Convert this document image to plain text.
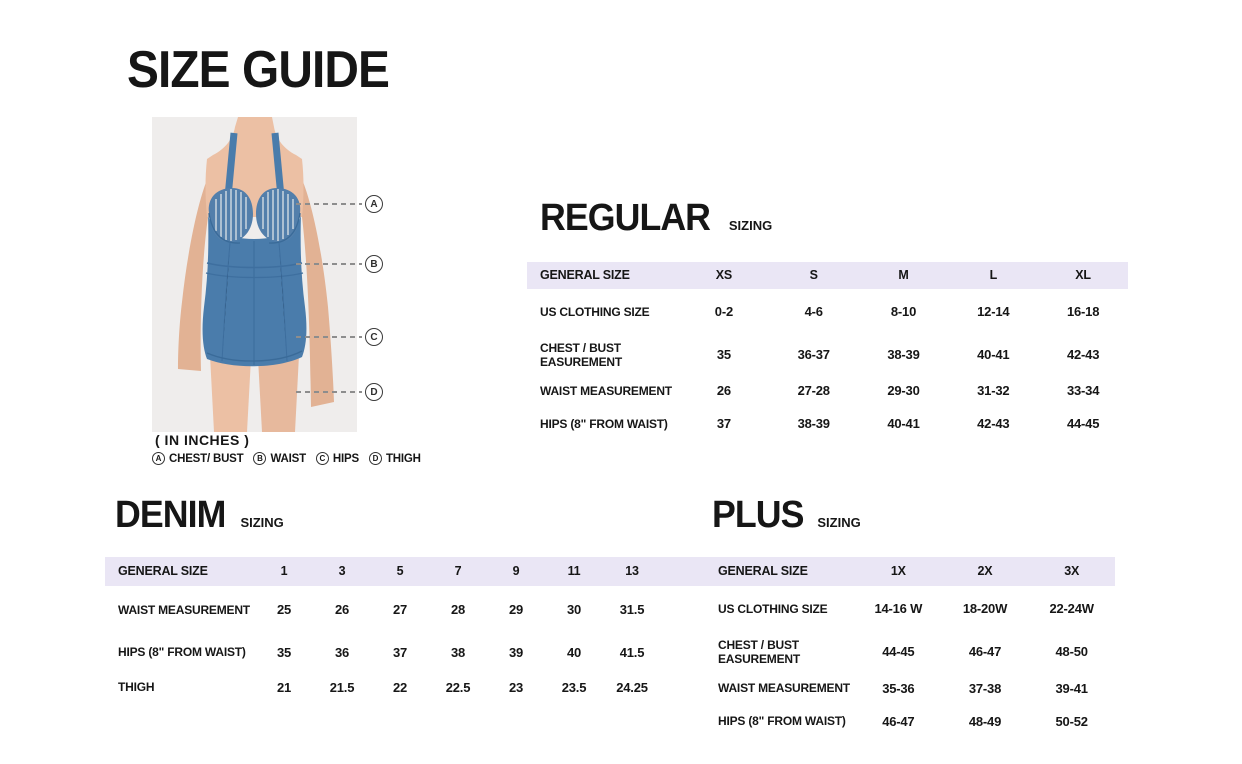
SIZE GUIDE
A
B
C
D
( IN INCHES )
A CHEST/ BUST	B WAIST	C HIPS	D THIGH
REGULAR SIZING
GENERAL SIZE	XS	S	M	L	XL
US CLOTHING SIZE	0-2	4-6	8-10	12-14	16-18
CHEST / BUST EASUREMENT	35	36-37	38-39	40-41	42-43
WAIST MEASUREMENT	26	27-28	29-30	31-32	33-34
HIPS (8" FROM WAIST)	37	38-39	40-41	42-43	44-45
DENIM SIZING
GENERAL SIZE	1	3	5	7	9	11	13
WAIST MEASUREMENT	25	26	27	28	29	30	31.5
HIPS (8" FROM WAIST)	35	36	37	38	39	40	41.5
THIGH	21	21.5	22	22.5	23	23.5	24.25
PLUS SIZING
GENERAL SIZE	1X	2X	3X
US CLOTHING SIZE	14-16 W	18-20W	22-24W
CHEST / BUST EASUREMENT	44-45	46-47	48-50
WAIST MEASUREMENT	35-36	37-38	39-41
HIPS (8" FROM WAIST)	46-47	48-49	50-52
